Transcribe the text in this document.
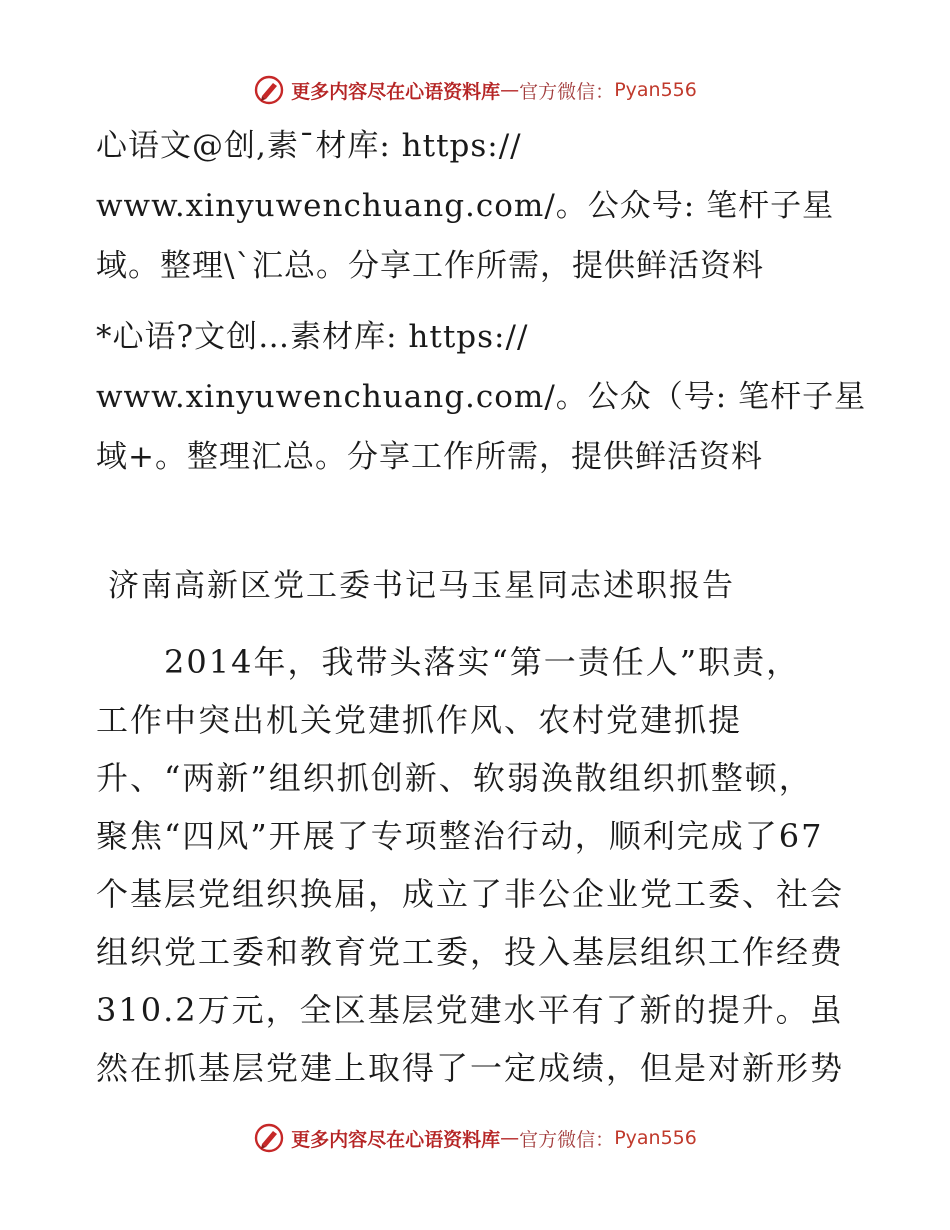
更多内容尽在心语资料库 — 官方微信： Pyan556
心语文@创,素¯材库: https://
www.xinyuwenchuang.com/。公众号: 笔杆子星
域。整理\`汇总。分享工作所需，提供鲜活资料
*心语?文创…素材库: https://
www.xinyuwenchuang.com/。公众（号: 笔杆子星
域+。整理汇总。分享工作所需，提供鲜活资料
济南高新区党工委书记马玉星同志述职报告
　　2014年，我带头落实“第一责任人”职责，
工作中突出机关党建抓作风、农村党建抓提
升、“两新”组织抓创新、软弱涣散组织抓整顿，
聚焦“四风”开展了专项整治行动，顺利完成了67
个基层党组织换届，成立了非公企业党工委、社会
组织党工委和教育党工委，投入基层组织工作经费
310.2万元，全区基层党建水平有了新的提升。虽
然在抓基层党建上取得了一定成绩，但是对新形势
更多内容尽在心语资料库 — 官方微信： Pyan556
